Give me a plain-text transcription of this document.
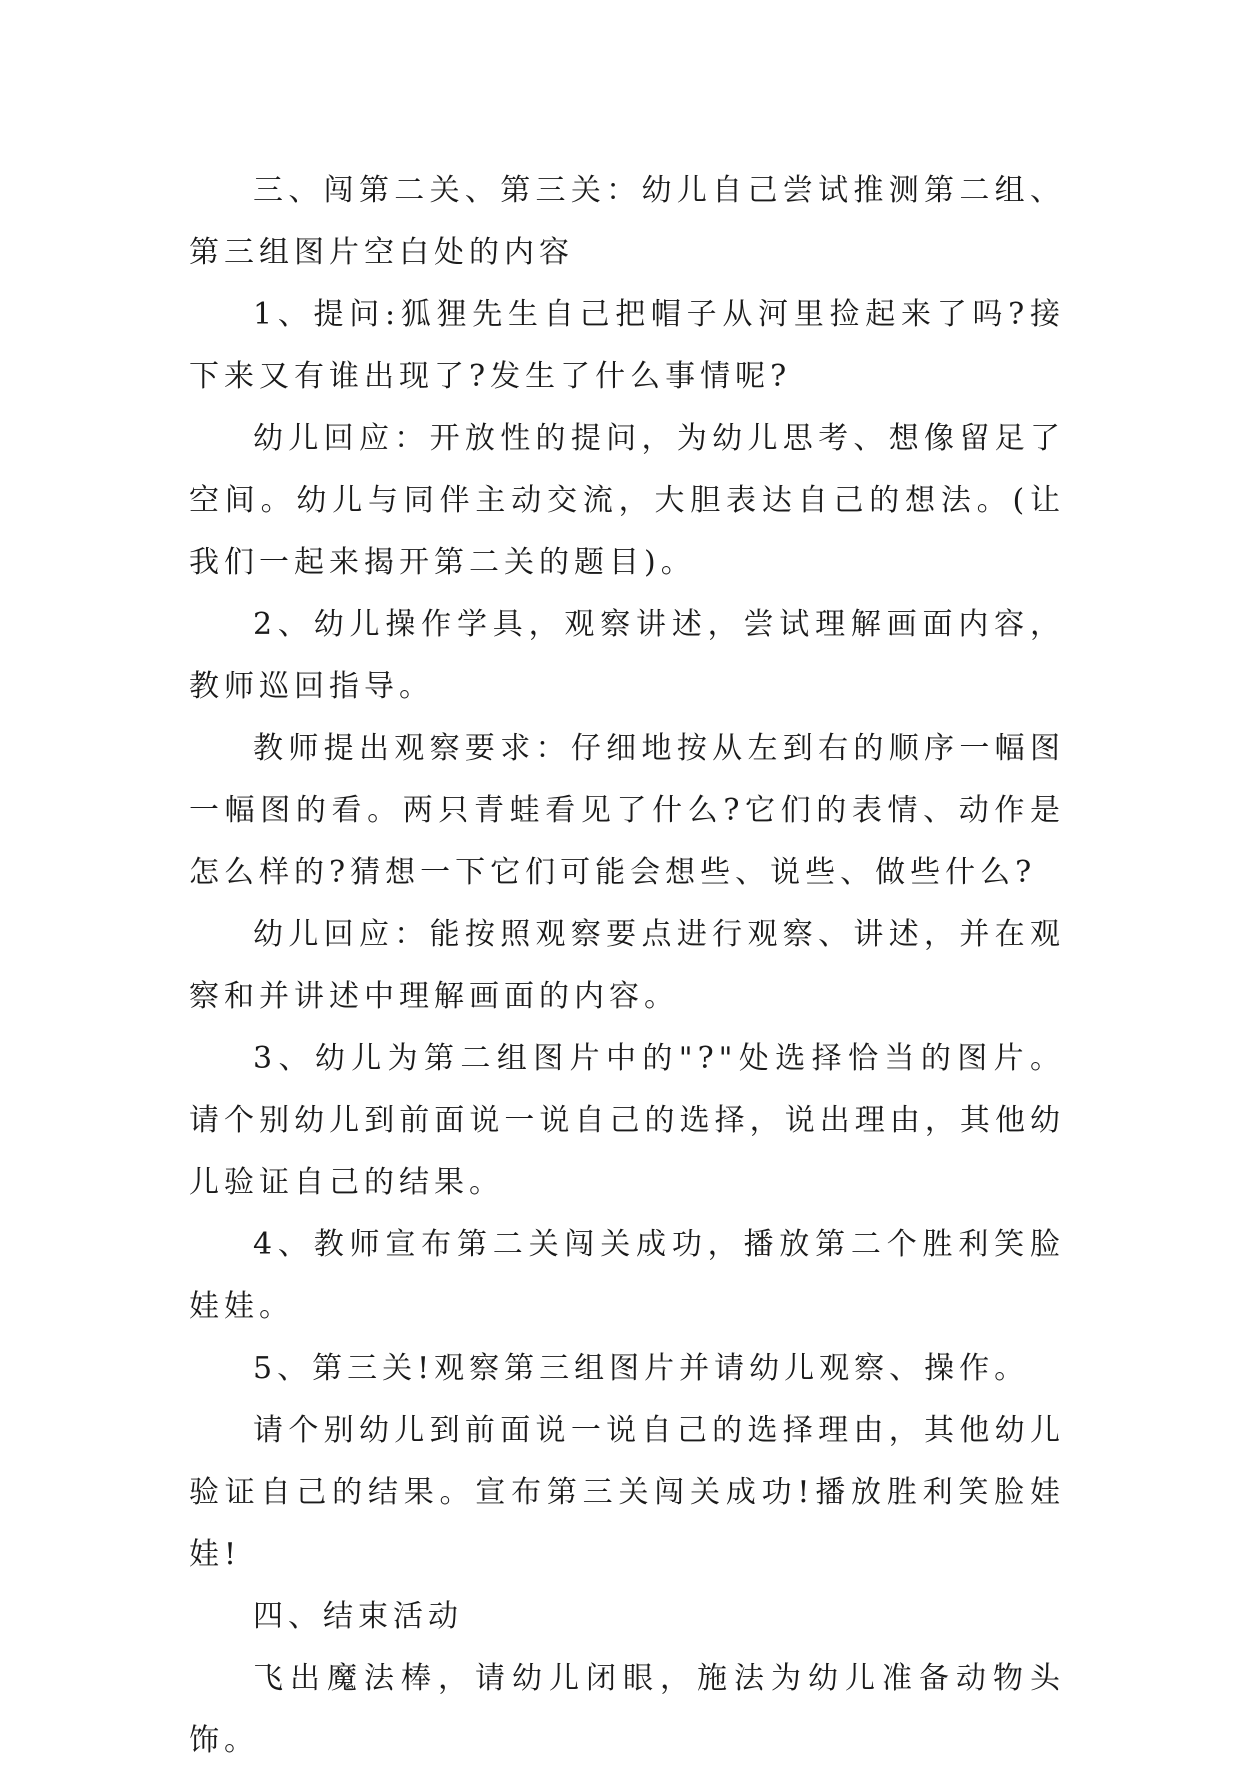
三、闯第二关、第三关：幼儿自己尝试推测第二组、第三组图片空白处的内容

1、提问:狐狸先生自己把帽子从河里捡起来了吗?接下来又有谁出现了?发生了什么事情呢?

幼儿回应：开放性的提问，为幼儿思考、想像留足了空间。幼儿与同伴主动交流，大胆表达自己的想法。(让我们一起来揭开第二关的题目)。

2、幼儿操作学具，观察讲述，尝试理解画面内容，教师巡回指导。

教师提出观察要求：仔细地按从左到右的顺序一幅图一幅图的看。两只青蛙看见了什么?它们的表情、动作是怎么样的?猜想一下它们可能会想些、说些、做些什么?

幼儿回应：能按照观察要点进行观察、讲述，并在观察和并讲述中理解画面的内容。

3、幼儿为第二组图片中的"?"处选择恰当的图片。请个别幼儿到前面说一说自己的选择，说出理由，其他幼儿验证自己的结果。

4、教师宣布第二关闯关成功，播放第二个胜利笑脸娃娃。

5、第三关!观察第三组图片并请幼儿观察、操作。

请个别幼儿到前面说一说自己的选择理由，其他幼儿验证自己的结果。宣布第三关闯关成功!播放胜利笑脸娃娃!

四、结束活动

飞出魔法棒，请幼儿闭眼，施法为幼儿准备动物头饰。
